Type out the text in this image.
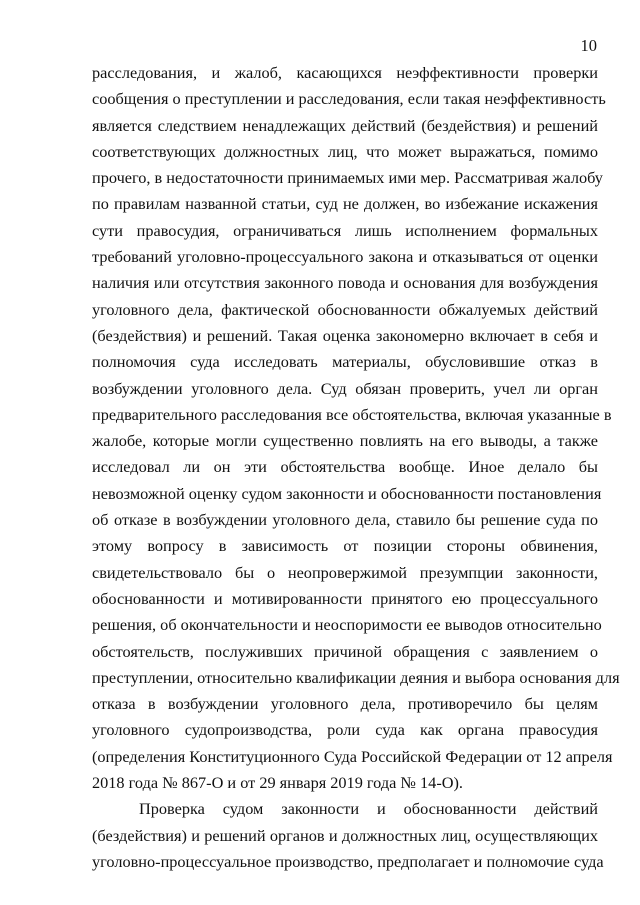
10
расследования, и жалоб, касающихся неэффективности проверки
сообщения о преступлении и расследования, если такая неэффективность
является следствием ненадлежащих действий (бездействия) и решений
соответствующих должностных лиц, что может выражаться, помимо
прочего, в недостаточности принимаемых ими мер. Рассматривая жалобу
по правилам названной статьи, суд не должен, во избежание искажения
сути правосудия, ограничиваться лишь исполнением формальных
требований уголовно-процессуального закона и отказываться от оценки
наличия или отсутствия законного повода и основания для возбуждения
уголовного дела, фактической обоснованности обжалуемых действий
(бездействия) и решений. Такая оценка закономерно включает в себя и
полномочия суда исследовать материалы, обусловившие отказ в
возбуждении уголовного дела. Суд обязан проверить, учел ли орган
предварительного расследования все обстоятельства, включая указанные в
жалобе, которые могли существенно повлиять на его выводы, а также
исследовал ли он эти обстоятельства вообще. Иное делало бы
невозможной оценку судом законности и обоснованности постановления
об отказе в возбуждении уголовного дела, ставило бы решение суда по
этому вопросу в зависимость от позиции стороны обвинения,
свидетельствовало бы о неопровержимой презумпции законности,
обоснованности и мотивированности принятого ею процессуального
решения, об окончательности и неоспоримости ее выводов относительно
обстоятельств, послуживших причиной обращения с заявлением о
преступлении, относительно квалификации деяния и выбора основания для
отказа в возбуждении уголовного дела, противоречило бы целям
уголовного судопроизводства, роли суда как органа правосудия
(определения Конституционного Суда Российской Федерации от 12 апреля
2018 года № 867-О и от 29 января 2019 года № 14-О).
Проверка судом законности и обоснованности действий
(бездействия) и решений органов и должностных лиц, осуществляющих
уголовно-процессуальное производство, предполагает и полномочие суда
